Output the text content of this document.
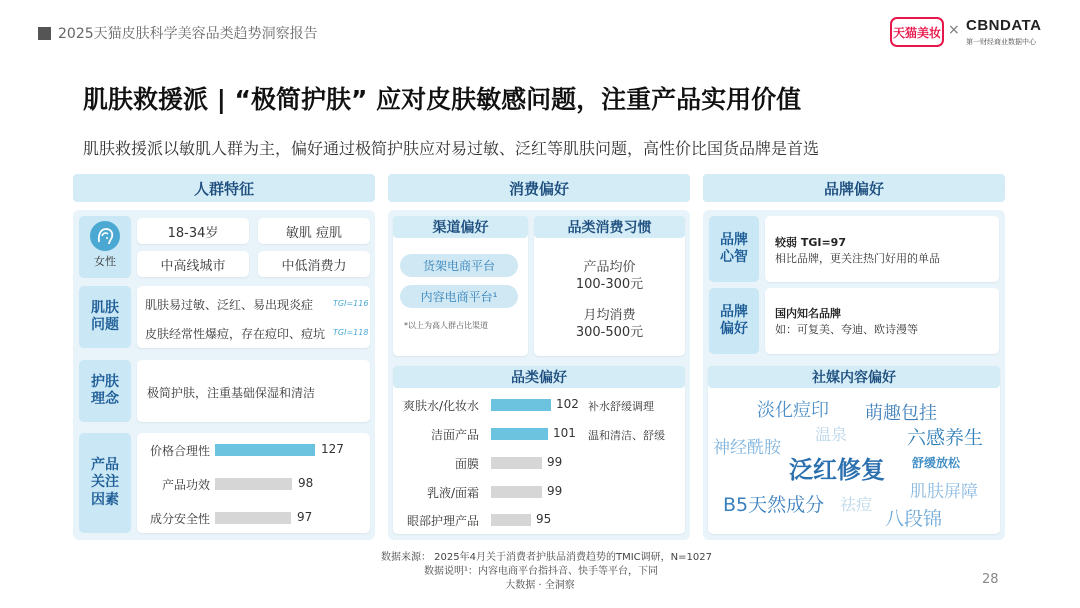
2025天猫皮肤科学美容品类趋势洞察报告	天猫美妆 × CBNDATA
第一财经商业数据中心
肌肤救援派 | “极简护肤” 应对皮肤敏感问题，注重产品实用价值
肌肤救援派以敏肌人群为主，偏好通过极简护肤应对易过敏、泛红等肌肤问题，高性价比国货品牌是首选
人群特征
女性
18-34岁	敏肌 痘肌
中高线城市	中低消费力
肌肤
问题
肌肤易过敏、泛红、易出现炎症 TGI=116
皮肤经常性爆痘，存在痘印、痘坑 TGI=118
护肤
理念 极简护肤，注重基础保湿和清洁
产品
关注
因素
价格合理性	127
产品功效	98
成分安全性	97
消费偏好
渠道偏好
货架电商平台
内容电商平台¹
*以上为高人群占比渠道
品类消费习惯
产品均价
100-300元
月均消费
300-500元
品类偏好
爽肤水/化妆水	102 补水舒缓调理
洁面产品	101 温和清洁、舒缓
面膜	99
乳液/面霜	99
眼部护理产品	95
品牌偏好
品牌
心智
较弱 TGI=97
相比品牌，更关注热门好用的单品
品牌
偏好
国内知名品牌
如：可复美、夸迪、欧诗漫等
社媒内容偏好
淡化痘印 萌趣包挂
温泉
神经酰胺	六感养生
泛红修复 舒缓放松
B5天然成分 祛痘
肌肤屏障
八段锦
数据来源： 2025年4月关于消费者护肤品消费趋势的TMIC调研，N=1027
数据说明¹：内容电商平台指抖音、快手等平台，下同
大数据 · 全洞察	28
